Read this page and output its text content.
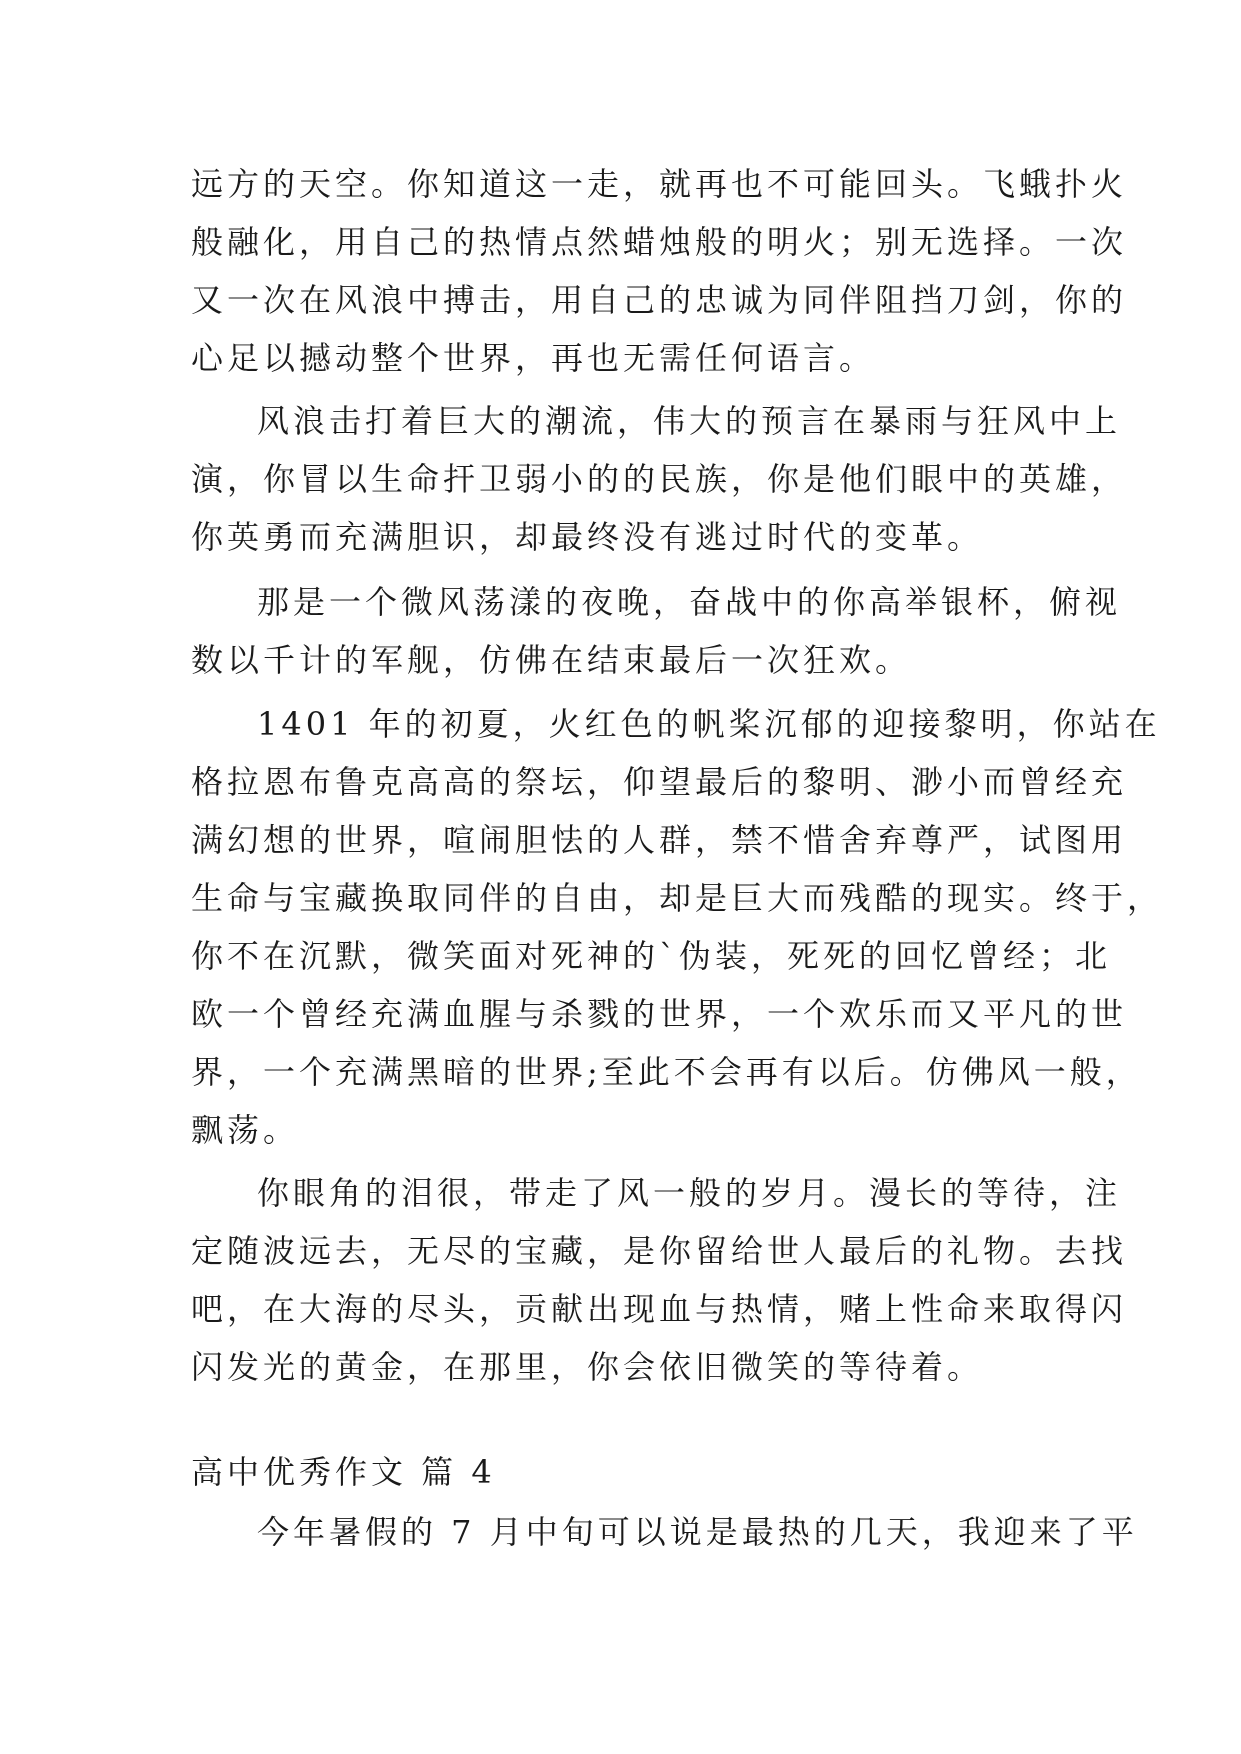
远方的天空。你知道这一走，就再也不可能回头。飞蛾扑火
般融化，用自己的热情点然蜡烛般的明火；别无选择。一次
又一次在风浪中搏击，用自己的忠诚为同伴阻挡刀剑，你的
心足以撼动整个世界，再也无需任何语言。
风浪击打着巨大的潮流，伟大的预言在暴雨与狂风中上
演，你冒以生命扞卫弱小的的民族，你是他们眼中的英雄，
你英勇而充满胆识，却最终没有逃过时代的变革。
那是一个微风荡漾的夜晚，奋战中的你高举银杯，俯视
数以千计的军舰，仿佛在结束最后一次狂欢。
1401 年的初夏，火红色的帆桨沉郁的迎接黎明，你站在
格拉恩布鲁克高高的祭坛，仰望最后的黎明、渺小而曾经充
满幻想的世界，喧闹胆怯的人群，禁不惜舍弃尊严，试图用
生命与宝藏换取同伴的自由，却是巨大而残酷的现实。终于，
你不在沉默，微笑面对死神的`伪装，死死的回忆曾经；北
欧一个曾经充满血腥与杀戮的世界，一个欢乐而又平凡的世
界，一个充满黑暗的世界;至此不会再有以后。仿佛风一般，
飘荡。
你眼角的泪很，带走了风一般的岁月。漫长的等待，注
定随波远去，无尽的宝藏，是你留给世人最后的礼物。去找
吧，在大海的尽头，贡献出现血与热情，赌上性命来取得闪
闪发光的黄金，在那里，你会依旧微笑的等待着。
高中优秀作文 篇 4
今年暑假的 7 月中旬可以说是最热的几天，我迎来了平
